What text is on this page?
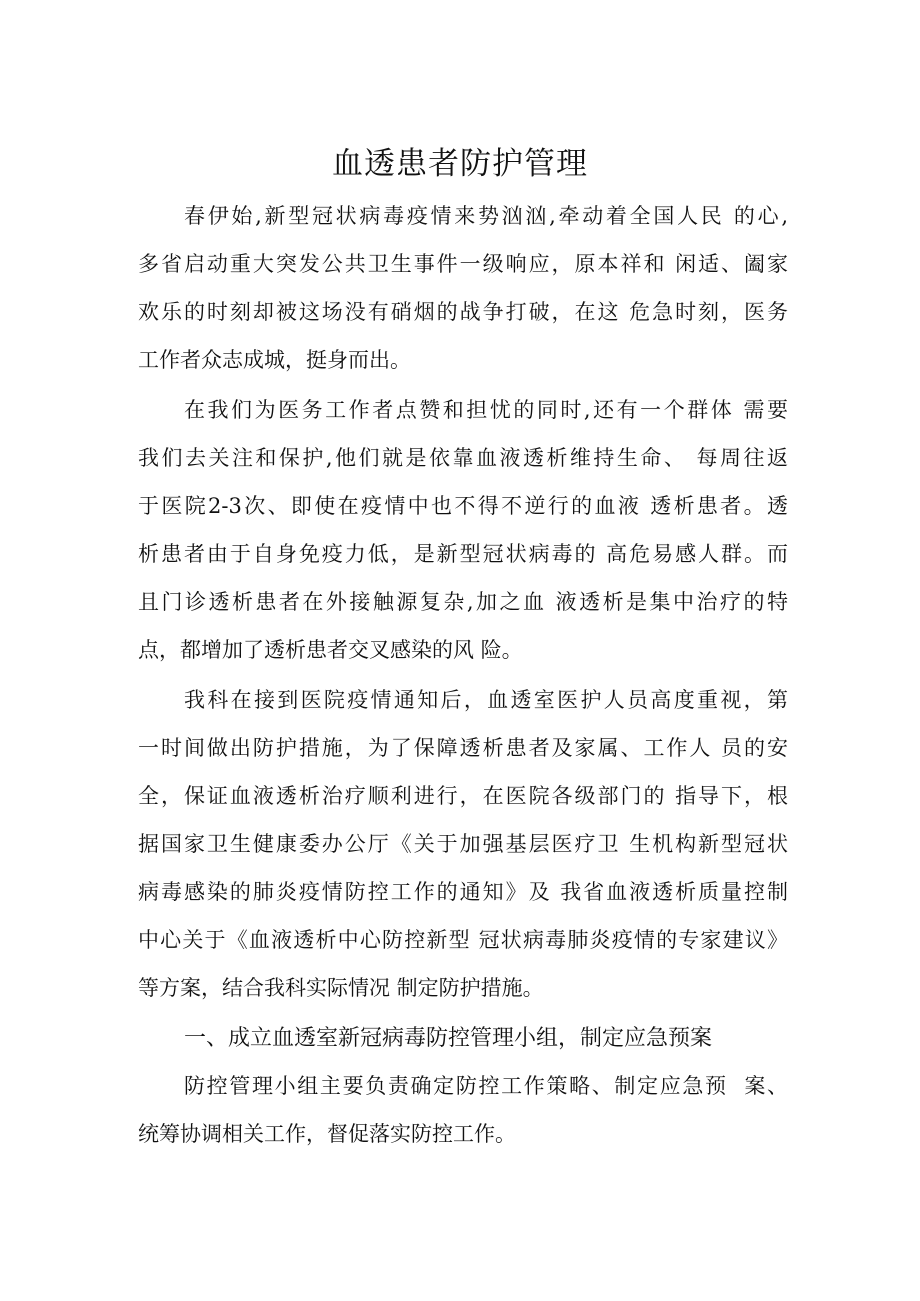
血透患者防护管理

春伊始,新型冠状病毒疫情来势汹汹,牵动着全国人民 的心,

多省启动重大突发公共卫生事件一级响应，原本祥和 闲适、阖家

欢乐的时刻却被这场没有硝烟的战争打破，在这 危急时刻，医务

工作者众志成城，挺身而出。

在我们为医务工作者点赞和担忧的同时,还有一个群体 需要

我们去关注和保护,他们就是依靠血液透析维持生命、 每周往返

于医院2-3次、即使在疫情中也不得不逆行的血液 透析患者。透

析患者由于自身免疫力低，是新型冠状病毒的 高危易感人群。而

且门诊透析患者在外接触源复杂,加之血 液透析是集中治疗的特

点，都增加了透析患者交叉感染的风 险。

我科在接到医院疫情通知后，血透室医护人员高度重视，第

一时间做出防护措施，为了保障透析患者及家属、工作人 员的安

全，保证血液透析治疗顺利进行，在医院各级部门的 指导下，根

据国家卫生健康委办公厅《关于加强基层医疗卫 生机构新型冠状

病毒感染的肺炎疫情防控工作的通知》及 我省血液透析质量控制

中心关于《血液透析中心防控新型 冠状病毒肺炎疫情的专家建议》

等方案，结合我科实际情况 制定防护措施。

一、成立血透室新冠病毒防控管理小组，制定应急预案

防控管理小组主要负责确定防控工作策略、制定应急预  案、

统筹协调相关工作，督促落实防控工作。
